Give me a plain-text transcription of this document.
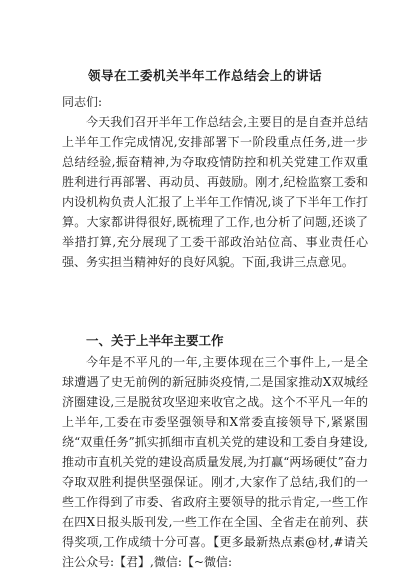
领导在工委机关半年工作总结会上的讲话
同志们:
今天我们召开半年工作总结会,主要目的是自查并总结上半年工作完成情况,安排部署下一阶段重点任务,进一步总结经验,振奋精神,为夺取疫情防控和机关党建工作双重胜利进行再部署、再动员、再鼓励。刚才,纪检监察工委和内设机构负责人汇报了上半年工作情况,谈了下半年工作打算。大家都讲得很好,既梳理了工作,也分析了问题,还谈了举措打算,充分展现了工委干部政治站位高、事业责任心强、务实担当精神好的良好风貌。下面,我讲三点意见。
一、关于上半年主要工作
今年是不平凡的一年,主要体现在三个事件上,一是全球遭遇了史无前例的新冠肺炎疫情,二是国家推动X双城经济圈建设,三是脱贫攻坚迎来收官之战。这个不平凡一年的上半年,工委在市委坚强领导和X常委直接领导下,紧紧围绕“双重任务”抓实抓细市直机关党的建设和工委自身建设,推动市直机关党的建设高质量发展,为打赢“两场硬仗”奋力夺取双胜利提供坚强保证。刚才,大家作了总结,我们的一些工作得到了市委、省政府主要领导的批示肯定,一些工作在四X日报头版刊发,一些工作在全国、全省走在前列、获得奖项,工作成绩十分可喜。【更多最新热点素@材,#请关注公众号:【君】,微信:【~微信:
